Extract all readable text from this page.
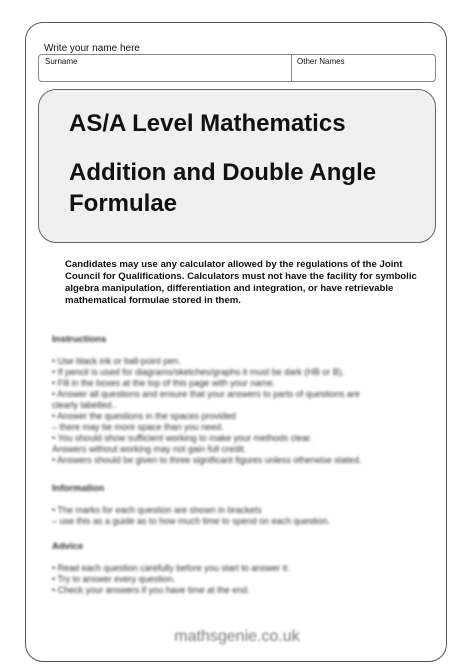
Write your name here
Surname	Other Names
AS/A Level Mathematics
Addition and Double Angle Formulae

Candidates may use any calculator allowed by the regulations of the Joint Council for Qualifications. Calculators must not have the facility for symbolic algebra manipulation, differentiation and integration, or have retrievable mathematical formulae stored in them.

Instructions
• Use black ink or ball-point pen.
• If pencil is used for diagrams/sketches/graphs it must be dark (HB or B).
• Fill in the boxes at the top of this page with your name.
• Answer all questions and ensure that your answers to parts of questions are
clearly labelled..
• Answer the questions in the spaces provided
– there may be more space than you need.
• You should show sufficient working to make your methods clear.
Answers without working may not gain full credit.
• Answers should be given to three significant figures unless otherwise stated.
Information
• The marks for each question are shown in brackets
– use this as a guide as to how much time to spend on each question.
Advice
• Read each question carefully before you start to answer it.
• Try to answer every question.
• Check your answers if you have time at the end.
mathsgenie.co.uk
